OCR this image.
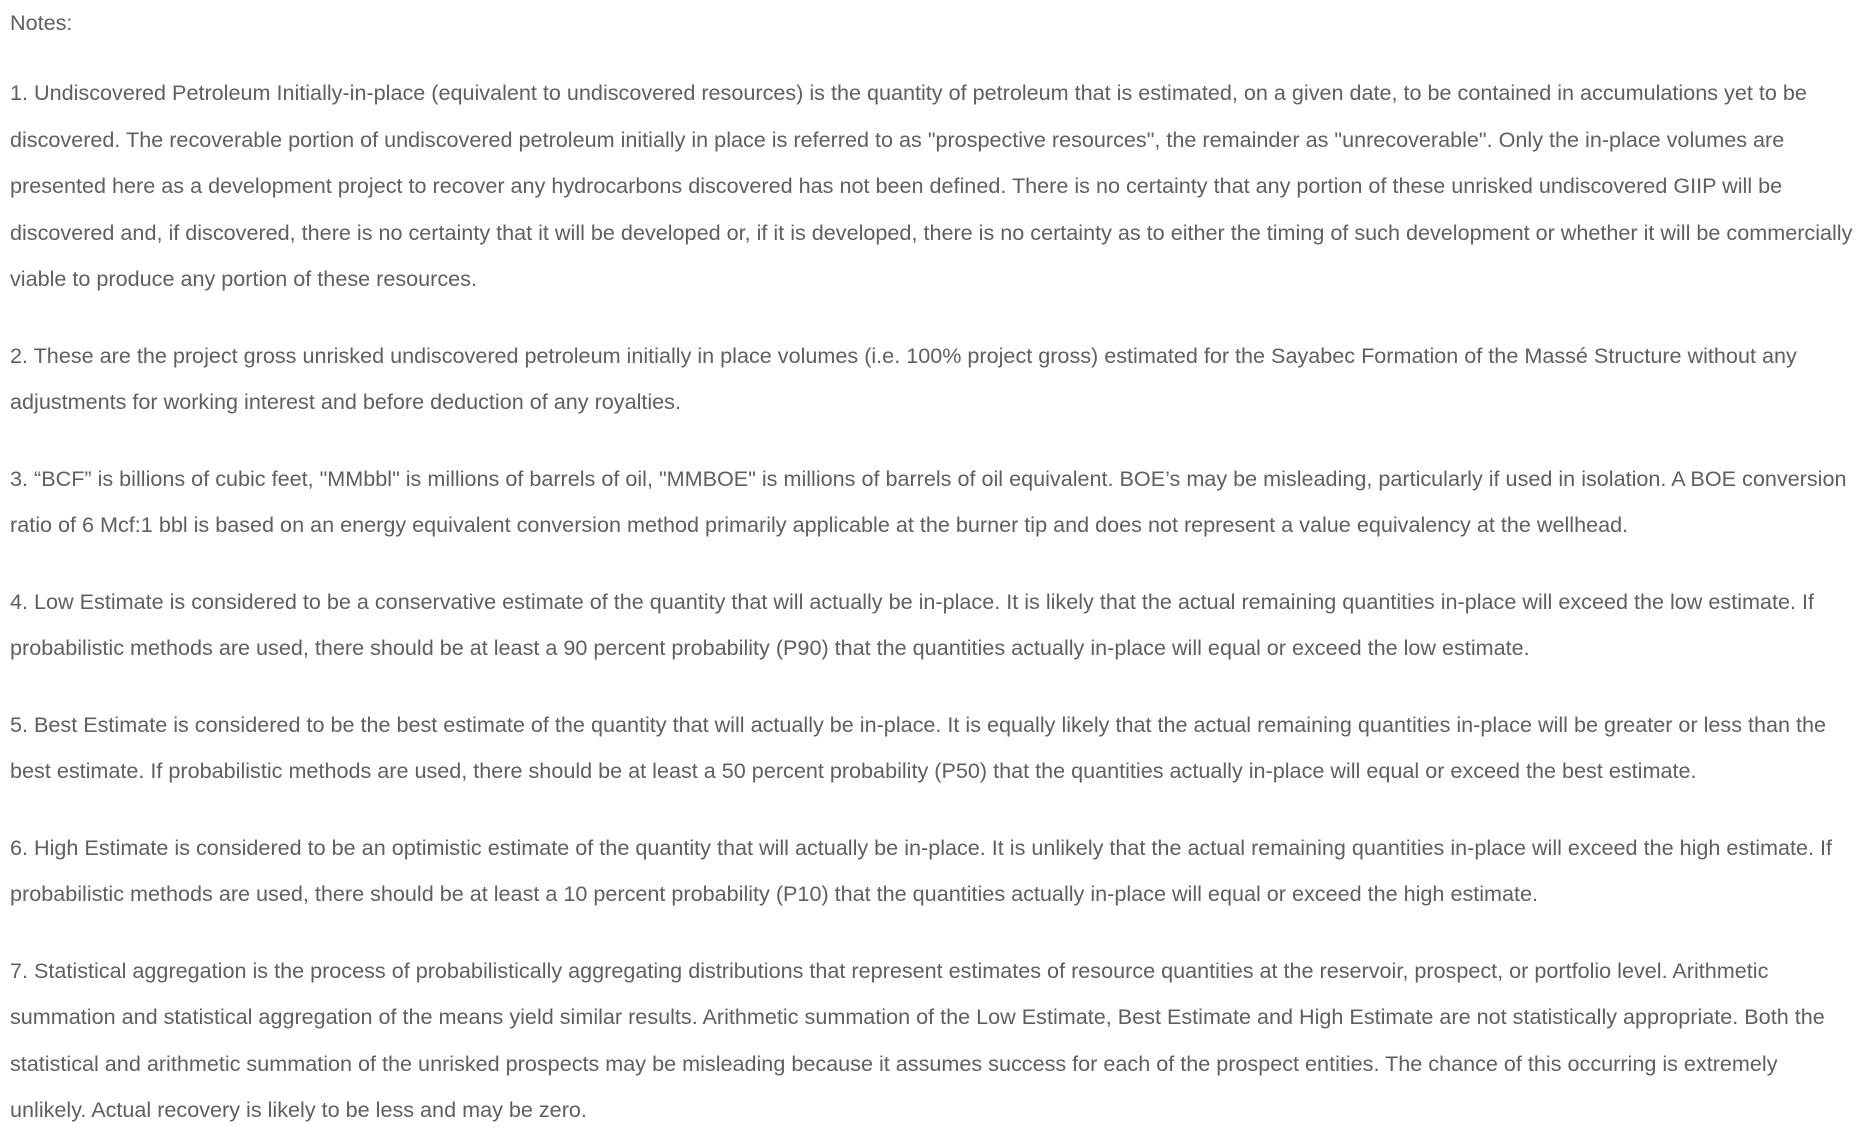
Notes:

1. Undiscovered Petroleum Initially-in-place (equivalent to undiscovered resources) is the quantity of petroleum that is estimated, on a given date, to be contained in accumulations yet to be discovered. The recoverable portion of undiscovered petroleum initially in place is referred to as "prospective resources", the remainder as "unrecoverable". Only the in-place volumes are presented here as a development project to recover any hydrocarbons discovered has not been defined. There is no certainty that any portion of these unrisked undiscovered GIIP will be discovered and, if discovered, there is no certainty that it will be developed or, if it is developed, there is no certainty as to either the timing of such development or whether it will be commercially viable to produce any portion of these resources.

2. These are the project gross unrisked undiscovered petroleum initially in place volumes (i.e. 100% project gross) estimated for the Sayabec Formation of the Massé Structure without any adjustments for working interest and before deduction of any royalties.

3. “BCF” is billions of cubic feet, "MMbbl" is millions of barrels of oil, "MMBOE" is millions of barrels of oil equivalent. BOE’s may be misleading, particularly if used in isolation. A BOE conversion ratio of 6 Mcf:1 bbl is based on an energy equivalent conversion method primarily applicable at the burner tip and does not represent a value equivalency at the wellhead.

4. Low Estimate is considered to be a conservative estimate of the quantity that will actually be in-place. It is likely that the actual remaining quantities in-place will exceed the low estimate. If probabilistic methods are used, there should be at least a 90 percent probability (P90) that the quantities actually in-place will equal or exceed the low estimate.

5. Best Estimate is considered to be the best estimate of the quantity that will actually be in-place. It is equally likely that the actual remaining quantities in-place will be greater or less than the best estimate. If probabilistic methods are used, there should be at least a 50 percent probability (P50) that the quantities actually in-place will equal or exceed the best estimate.

6. High Estimate is considered to be an optimistic estimate of the quantity that will actually be in-place. It is unlikely that the actual remaining quantities in-place will exceed the high estimate. If probabilistic methods are used, there should be at least a 10 percent probability (P10) that the quantities actually in-place will equal or exceed the high estimate.

7. Statistical aggregation is the process of probabilistically aggregating distributions that represent estimates of resource quantities at the reservoir, prospect, or portfolio level. Arithmetic summation and statistical aggregation of the means yield similar results. Arithmetic summation of the Low Estimate, Best Estimate and High Estimate are not statistically appropriate. Both the statistical and arithmetic summation of the unrisked prospects may be misleading because it assumes success for each of the prospect entities. The chance of this occurring is extremely unlikely. Actual recovery is likely to be less and may be zero.
